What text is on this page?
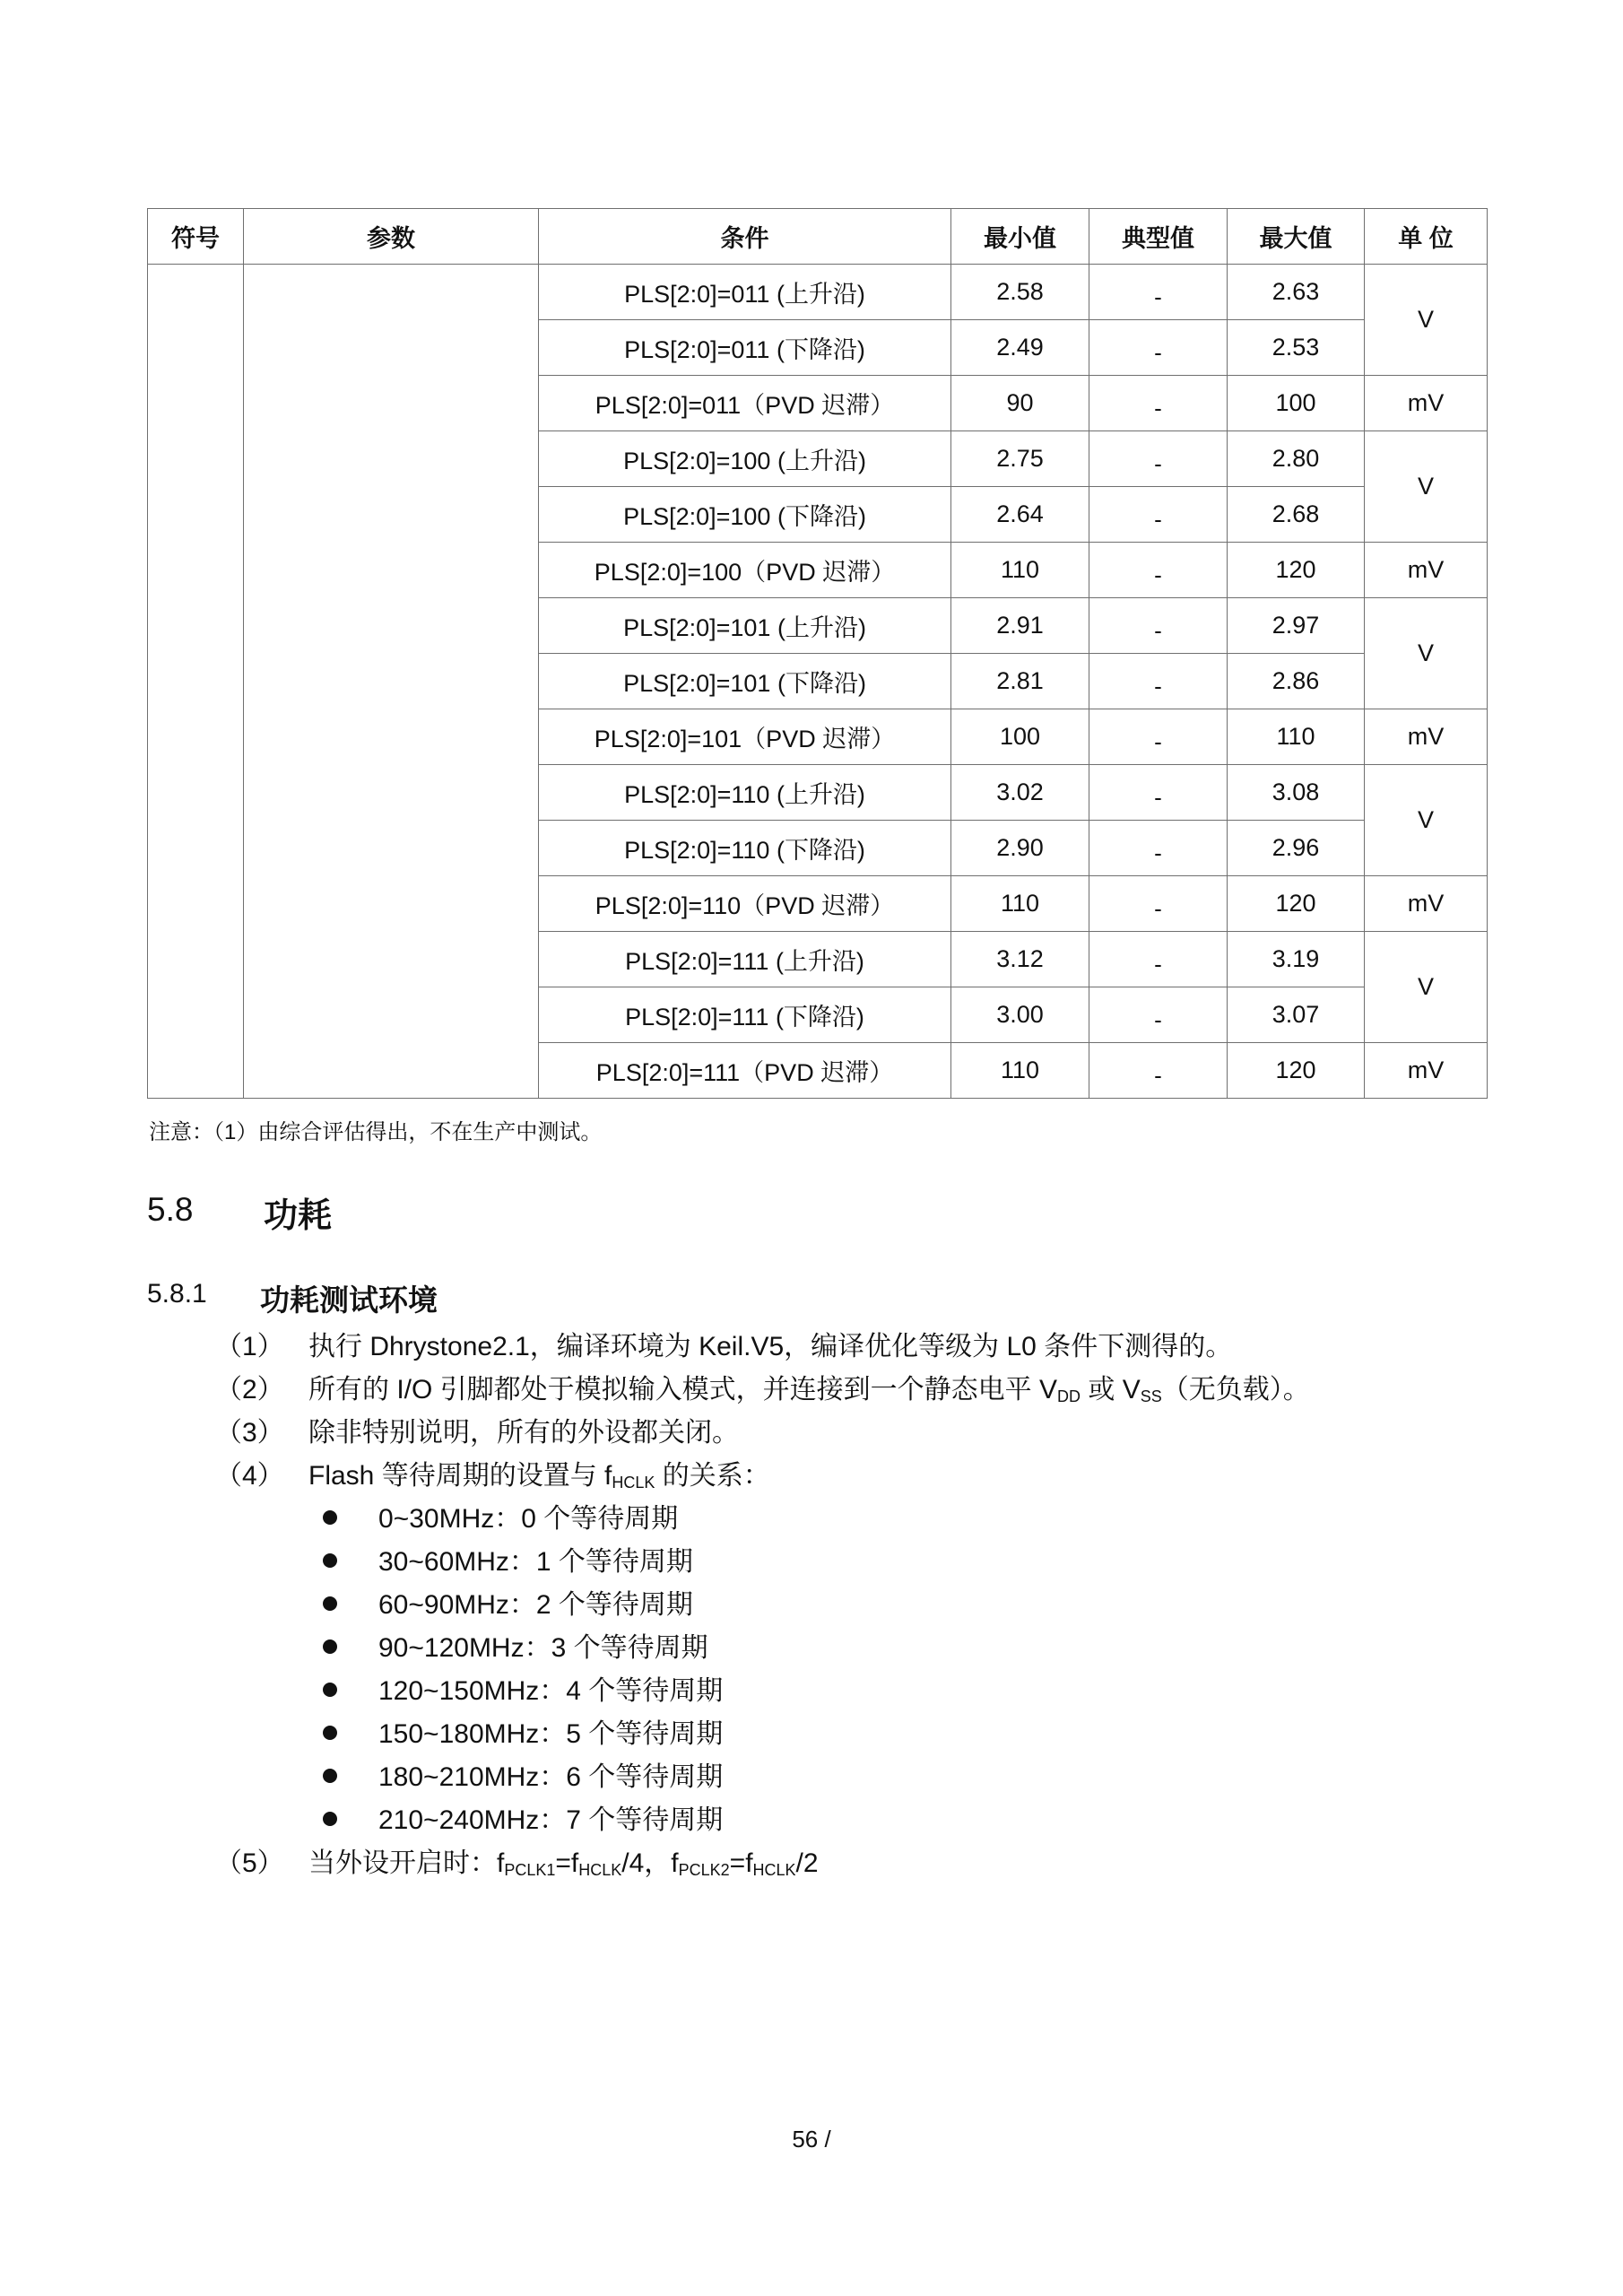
符号	参数	条件	最小值	典型值	最大值	单 位
		PLS[2:0]=011 (上升沿)	2.58	-	2.63	V
		PLS[2:0]=011 (下降沿)	2.49	-	2.53	
		PLS[2:0]=011（PVD 迟滞）	90	-	100	mV
		PLS[2:0]=100 (上升沿)	2.75	-	2.80	V
		PLS[2:0]=100 (下降沿)	2.64	-	2.68	
		PLS[2:0]=100（PVD 迟滞）	110	-	120	mV
		PLS[2:0]=101 (上升沿)	2.91	-	2.97	V
		PLS[2:0]=101 (下降沿)	2.81	-	2.86	
		PLS[2:0]=101（PVD 迟滞）	100	-	110	mV
		PLS[2:0]=110 (上升沿)	3.02	-	3.08	V
		PLS[2:0]=110 (下降沿)	2.90	-	2.96	
		PLS[2:0]=110（PVD 迟滞）	110	-	120	mV
		PLS[2:0]=111 (上升沿)	3.12	-	3.19	V
		PLS[2:0]=111 (下降沿)	3.00	-	3.07	
		PLS[2:0]=111（PVD 迟滞）	110	-	120	mV
注意：（1）由综合评估得出，不在生产中测试。
5.8 功耗
5.8.1 功耗测试环境
（1） 执行 Dhrystone2.1，编译环境为 Keil.V5，编译优化等级为 L0 条件下测得的。
（2） 所有的 I/O 引脚都处于模拟输入模式，并连接到一个静态电平 $V_{DD}$ 或 $V_{SS}$（无负载）。
（3） 除非特别说明，所有的外设都关闭。
（4） Flash 等待周期的设置与 $f_{HCLK}$ 的关系：
0~30MHz：0 个等待周期
30~60MHz：1 个等待周期
60~90MHz：2 个等待周期
90~120MHz：3 个等待周期
120~150MHz：4 个等待周期
150~180MHz：5 个等待周期
180~210MHz：6 个等待周期
210~240MHz：7 个等待周期
（5） 当外设开启时：$f_{PCLK1}=f_{HCLK}/4$，$f_{PCLK2}=f_{HCLK}/2$
56 /
